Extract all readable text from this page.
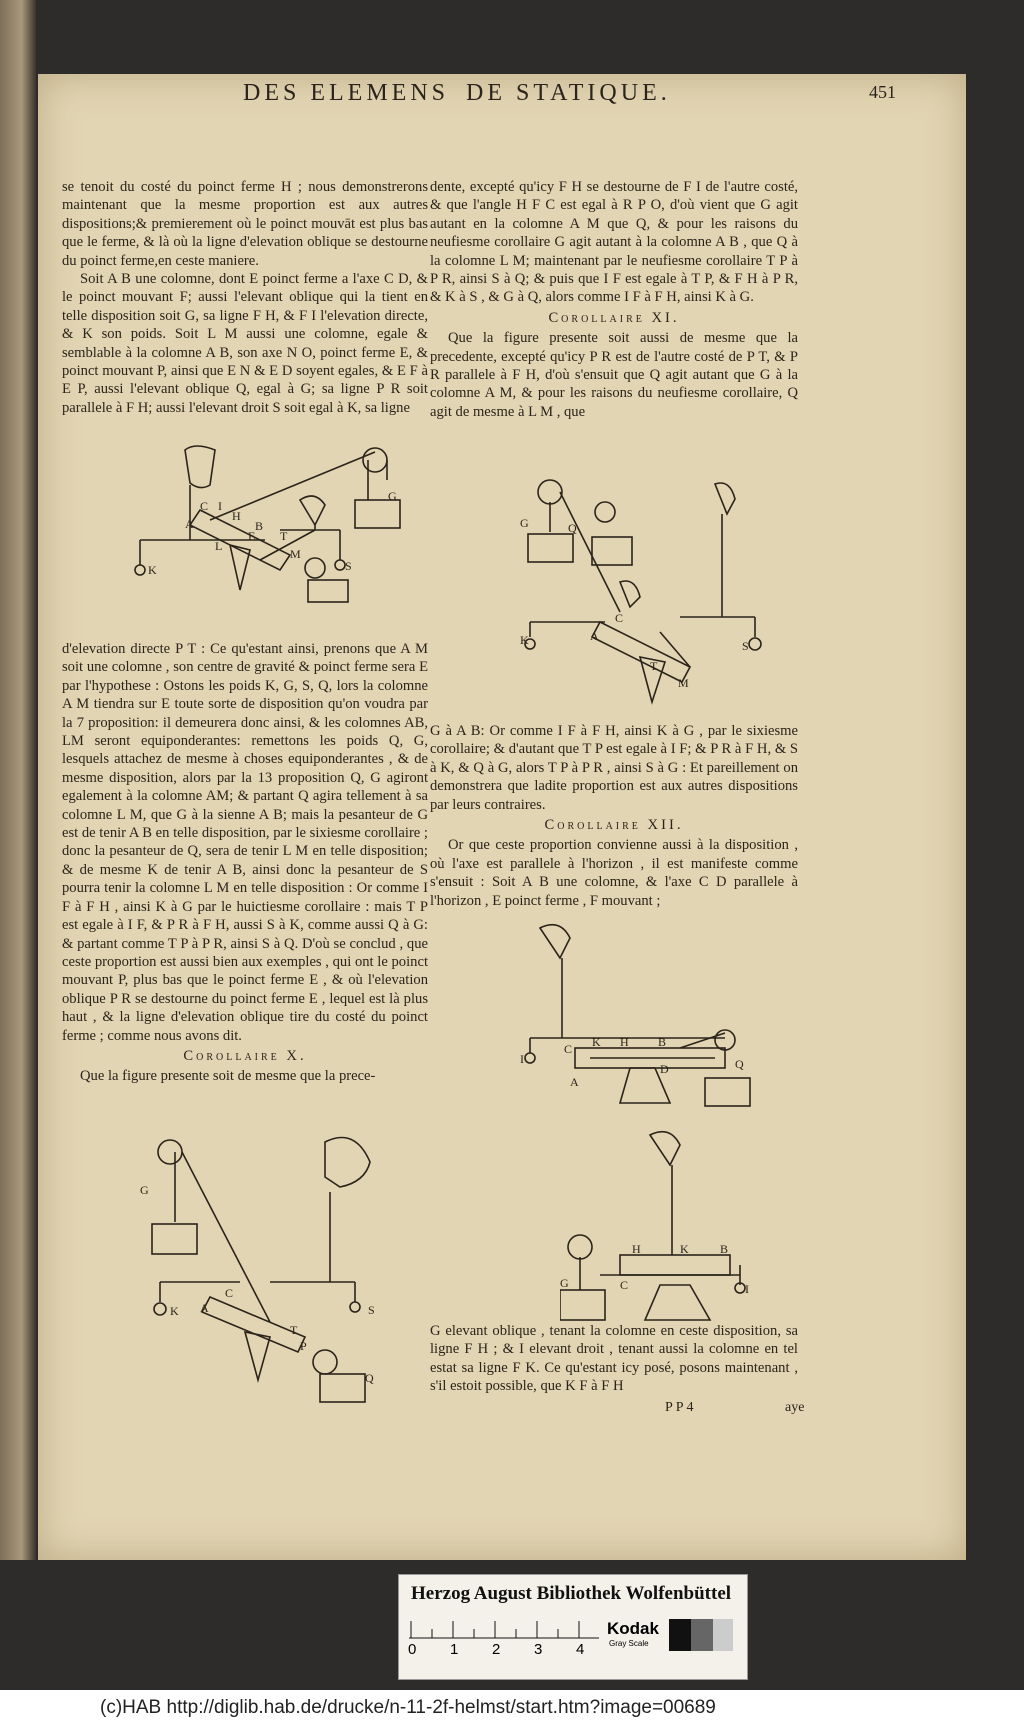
DES ELEMENS DE STATIQUE.	451

se tenoit du costé du poinct ferme H ; nous demonstrerons maintenant que la mesme proportion est aux autres dispositions;& premierement où le poinct mouvāt est plus bas que le ferme, & là où la ligne d'elevation oblique se destourne du poinct ferme,en ceste maniere.

Soit A B une colomne, dont E poinct ferme a l'axe C D, & le poinct mouvant F; aussi l'elevant oblique qui la tient en telle disposition soit G, sa ligne F H, & F I l'elevation directe, & K son poids. Soit L M aussi une colomne, egale & semblable à la colomne A B, son axe N O, poinct ferme E, & poinct mouvant P, ainsi que E N & E D soyent egales, & E F à E P, aussi l'elevant oblique Q, egal à G; sa ligne P R soit parallele à F H; aussi l'elevant droit S soit egal à K, sa ligne

K
A
C I
H
B
E
S
G
L
M
T

d'elevation directe P T : Ce qu'estant ainsi, prenons que A M soit une colomne , son centre de gravité & poinct ferme sera E par l'hypothese : Ostons les poids K, G, S, Q, lors la colomne A M tiendra sur E toute sorte de disposition qu'on voudra par la 7 proposition: il demeurera donc ainsi, & les colomnes AB, LM seront equiponderantes: remettons les poids Q, G, lesquels attachez de mesme à choses equiponderantes , & de mesme disposition, alors par la 13 proposition Q, G agiront egalement à la colomne AM; & partant Q agira tellement à sa colomne L M, que G à la sienne A B; mais la pesanteur de G est de tenir A B en telle disposition, par le sixiesme corollaire ; donc la pesanteur de Q, sera de tenir L M en telle disposition; & de mesme K de tenir A B, ainsi donc la pesanteur de S pourra tenir la colomne L M en telle disposition : Or comme I F à F H , ainsi K à G par le huictiesme corollaire : mais T P est egale à I F, & P R à F H, aussi S à K, comme aussi Q à G: & partant comme T P à P R, ainsi S à Q. D'où se conclud , que ceste proportion est aussi bien aux exemples , qui ont le poinct mouvant P, plus bas que le poinct ferme E , & où l'elevation oblique P R se destourne du poinct ferme E , lequel est là plus haut , & la ligne d'elevation oblique tire du costé du poinct ferme ; comme nous avons dit.

Corollaire X.

Que la figure presente soit de mesme que la prece-

G
K A
C
S
Q
T
P

dente, excepté qu'icy F H se destourne de F I de l'autre costé, & que l'angle H F C est egal à R P O, d'où vient que G agit autant en la colomne A M que Q, & pour les raisons du neufiesme corollaire G agit autant à la colomne A B , que Q à la colomne L M; maintenant par le neufiesme corollaire T P à P R, ainsi S à Q; & puis que I F est egale à T P, & F H à P R, & K à S , & G à Q, alors comme I F à F H, ainsi K à G.

Corollaire XI.

Que la figure presente soit aussi de mesme que la precedente, excepté qu'icy P R est de l'autre costé de P T, & P R parallele à F H, d'où s'ensuit que Q agit autant que G à la colomne A M, & pour les raisons du neufiesme corollaire, Q agit de mesme à L M , que

G
K	A
C
T
M
S
Q

G à A B: Or comme I F à F H, ainsi K à G , par le sixiesme corollaire; & d'autant que T P est egale à I F; & P R à F H, & S à K, & Q à G, alors T P à P R , ainsi S à G : Et pareillement on demonstrera que ladite proportion est aux autres dispositions par leurs contraires.

Corollaire XII.

Or que ceste proportion convienne aussi à la disposition , où l'axe est parallele à l'horizon , il est manifeste comme s'ensuit : Soit A B une colomne, & l'axe C D parallele à l'horizon , E poinct ferme , F mouvant ;

I
C
A
K H B
D	Q
G	C
H	K	B
I

G elevant oblique , tenant la colomne en ceste disposition, sa ligne F H ; & I elevant droit , tenant aussi la colomne en tel estat sa ligne F K. Ce qu'estant icy posé, posons maintenant , s'il estoit possible, que K F à F H

P P 4	aye
Herzog August Bibliothek Wolfenbüttel
0 1 2 3 4
Kodak
Gray Scale
(c)HAB http://diglib.hab.de/drucke/n-11-2f-helmst/start.htm?image=00689
